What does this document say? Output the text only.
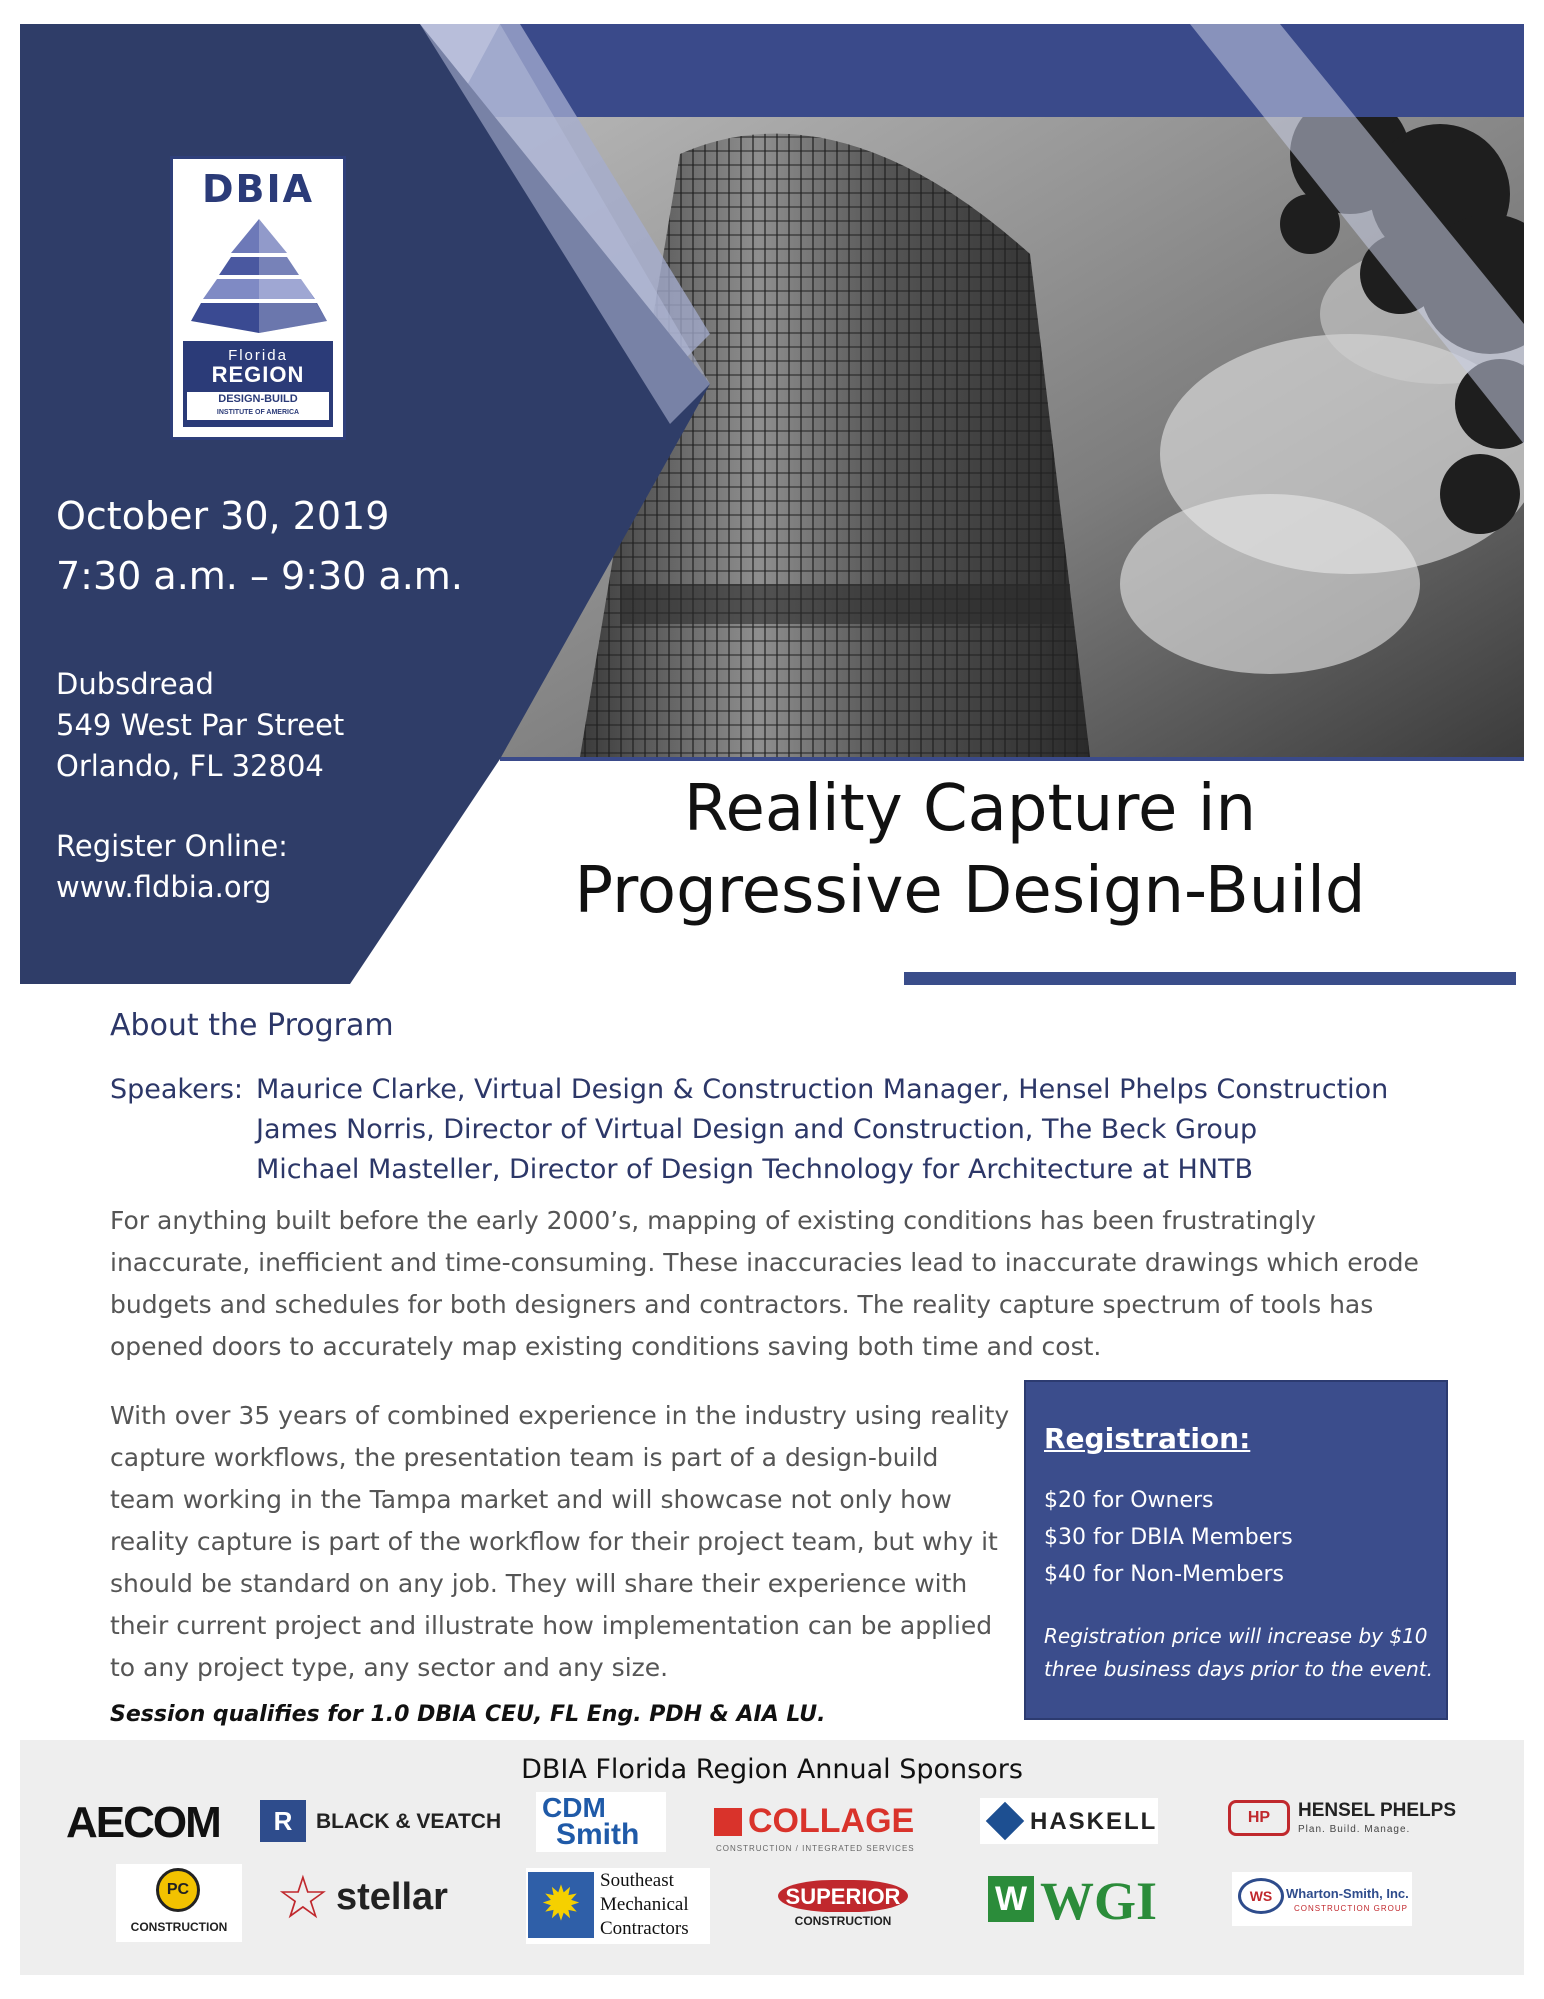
DBIA
Florida
REGION
DESIGN-BUILD
INSTITUTE OF AMERICA
October 30, 2019
7:30 a.m. – 9:30 a.m.
Dubsdread
549 West Par Street
Orlando, FL 32804
Register Online:
www.fldbia.org
Reality Capture in
Progressive Design-Build
About the Program
Speakers: Maurice Clarke, Virtual Design & Construction Manager, Hensel Phelps Construction
James Norris, Director of Virtual Design and Construction, The Beck Group
Michael Masteller, Director of Design Technology for Architecture at HNTB
For anything built before the early 2000’s, mapping of existing conditions has been frustratingly inaccurate, inefficient and time-consuming. These inaccuracies lead to inaccurate drawings which erode budgets and schedules for both designers and contractors. The reality capture spectrum of tools has opened doors to accurately map existing conditions saving both time and cost.
With over 35 years of combined experience in the industry using reality capture workflows, the presentation team is part of a design-build team working in the Tampa market and will showcase not only how reality capture is part of the workflow for their project team, but why it should be standard on any job. They will share their experience with their current project and illustrate how implementation can be applied to any project type, any sector and any size.
Session qualifies for 1.0 DBIA CEU, FL Eng. PDH & AIA LU.
Registration:
$20 for Owners
$30 for DBIA Members
$40 for Non-Members
Registration price will increase by $10 three business days prior to the event.
DBIA Florida Region Annual Sponsors
AECOM	R	BLACK & VEATCH CDM
Smith	COLLAGE
CONSTRUCTION / INTEGRATED SERVICES
HASKELL	HP	HENSEL PHELPS
Plan. Build. Manage.
PC
CONSTRUCTION ☆ stellar ✹ Southeast
Mechanical
Contractors
SUPERIOR
CONSTRUCTION
W WGI	WS	Wharton-Smith, Inc.
CONSTRUCTION GROUP
